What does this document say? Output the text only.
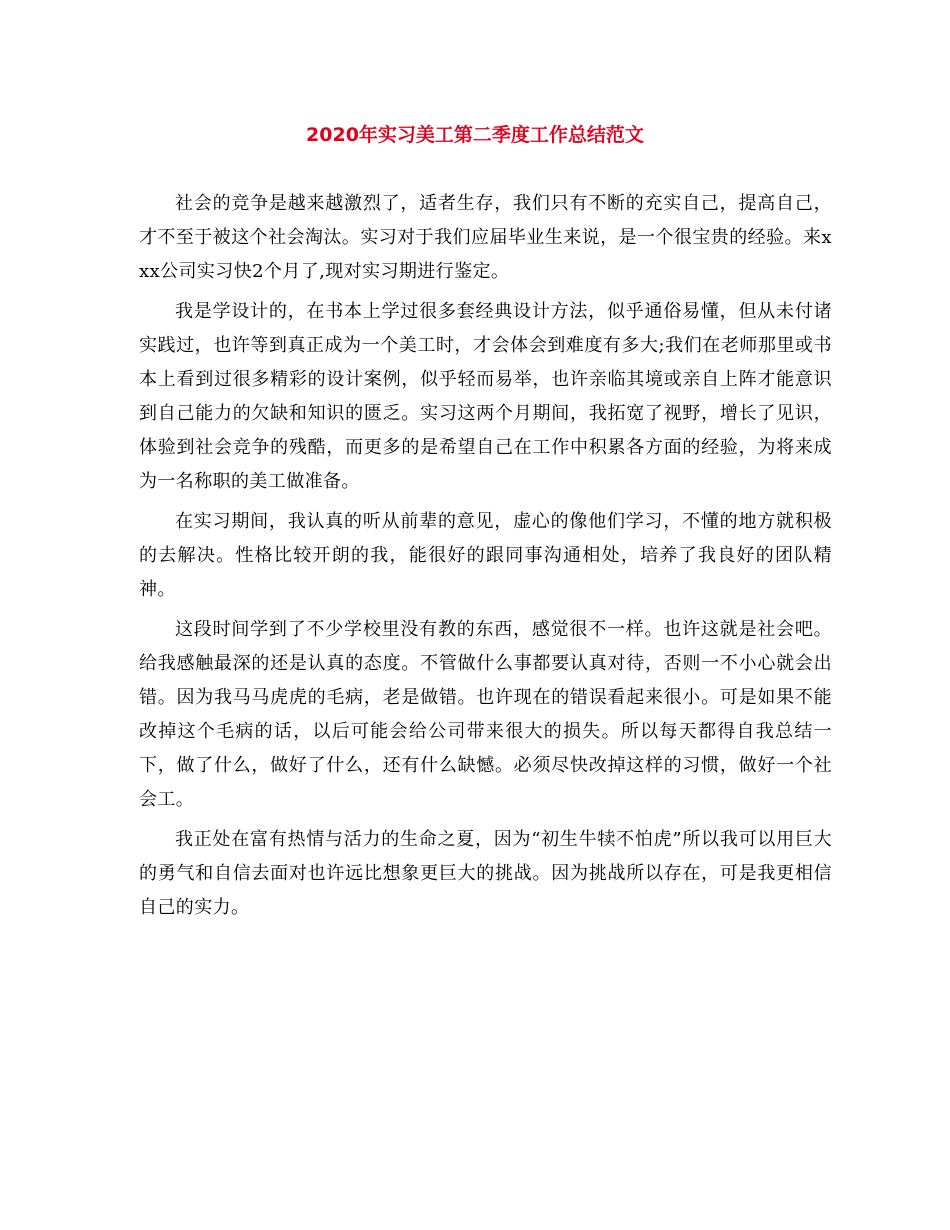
2020年实习美工第二季度工作总结范文

社会的竞争是越来越激烈了，适者生存，我们只有不断的充实自己，提高自己，才不至于被这个社会淘汰。实习对于我们应届毕业生来说，是一个很宝贵的经验。来xxx公司实习快2个月了,现对实习期进行鉴定。

我是学设计的，在书本上学过很多套经典设计方法，似乎通俗易懂，但从未付诸实践过，也许等到真正成为一个美工时，才会体会到难度有多大;我们在老师那里或书本上看到过很多精彩的设计案例，似乎轻而易举，也许亲临其境或亲自上阵才能意识到自己能力的欠缺和知识的匮乏。实习这两个月期间，我拓宽了视野，增长了见识，体验到社会竞争的残酷，而更多的是希望自己在工作中积累各方面的经验，为将来成为一名称职的美工做准备。

在实习期间，我认真的听从前辈的意见，虚心的像他们学习，不懂的地方就积极的去解决。性格比较开朗的我，能很好的跟同事沟通相处，培养了我良好的团队精神。

这段时间学到了不少学校里没有教的东西，感觉很不一样。也许这就是社会吧。给我感触最深的还是认真的态度。不管做什么事都要认真对待，否则一不小心就会出错。因为我马马虎虎的毛病，老是做错。也许现在的错误看起来很小。可是如果不能改掉这个毛病的话，以后可能会给公司带来很大的损失。所以每天都得自我总结一下，做了什么，做好了什么，还有什么缺憾。必须尽快改掉这样的习惯，做好一个社会工。

我正处在富有热情与活力的生命之夏，因为“初生牛犊不怕虎”所以我可以用巨大的勇气和自信去面对也许远比想象更巨大的挑战。因为挑战所以存在，可是我更相信自己的实力。
